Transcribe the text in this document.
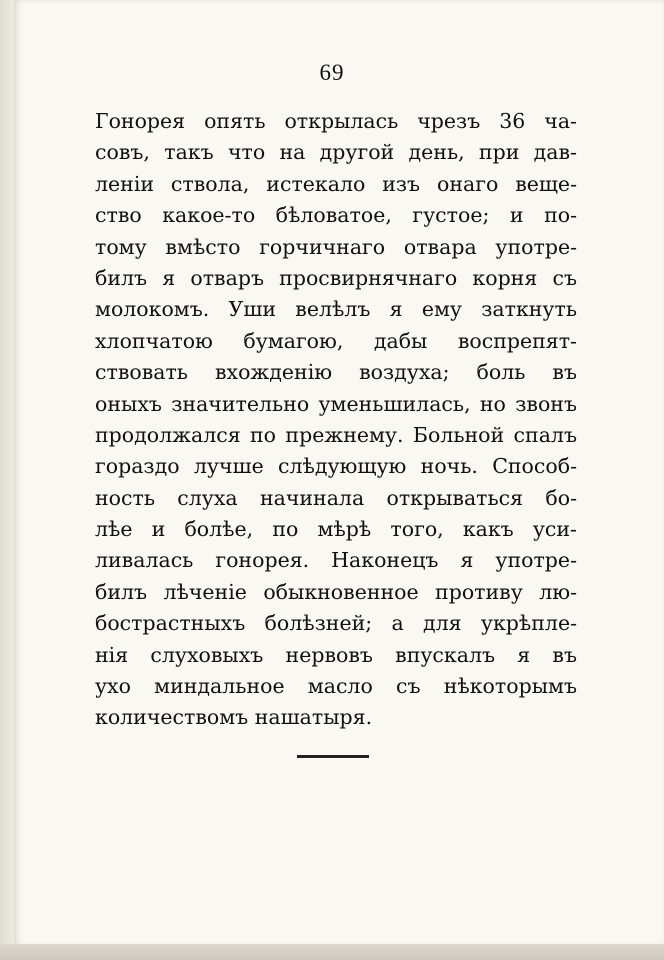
69
Гонорея опять открылась чрезъ 36 ча-
совъ, такъ что на другой день, при дав-
леніи ствола, истекало изъ онаго веще-
ство какое-то бѣловатое, густое; и по-
тому вмѣсто горчичнаго отвара употре-
билъ я отваръ просвирнячнаго корня съ
молокомъ. Уши велѣлъ я ему заткнуть
хлопчатою бумагою, дабы воспрепят-
ствовать вхожденію воздуха; боль въ
оныхъ значительно уменьшилась, но звонъ
продолжался по прежнему. Больной спалъ
гораздо лучше слѣдующую ночь. Способ-
ность слуха начинала открываться бо-
лѣе и болѣе, по мѣрѣ того, какъ уси-
ливалась гонорея. Наконецъ я употре-
билъ лѣченіе обыкновенное противу лю-
бострастныхъ болѣзней; а для укрѣпле-
нія слуховыхъ нервовъ впускалъ я въ
ухо миндальное масло съ нѣкоторымъ
количествомъ нашатыря.
